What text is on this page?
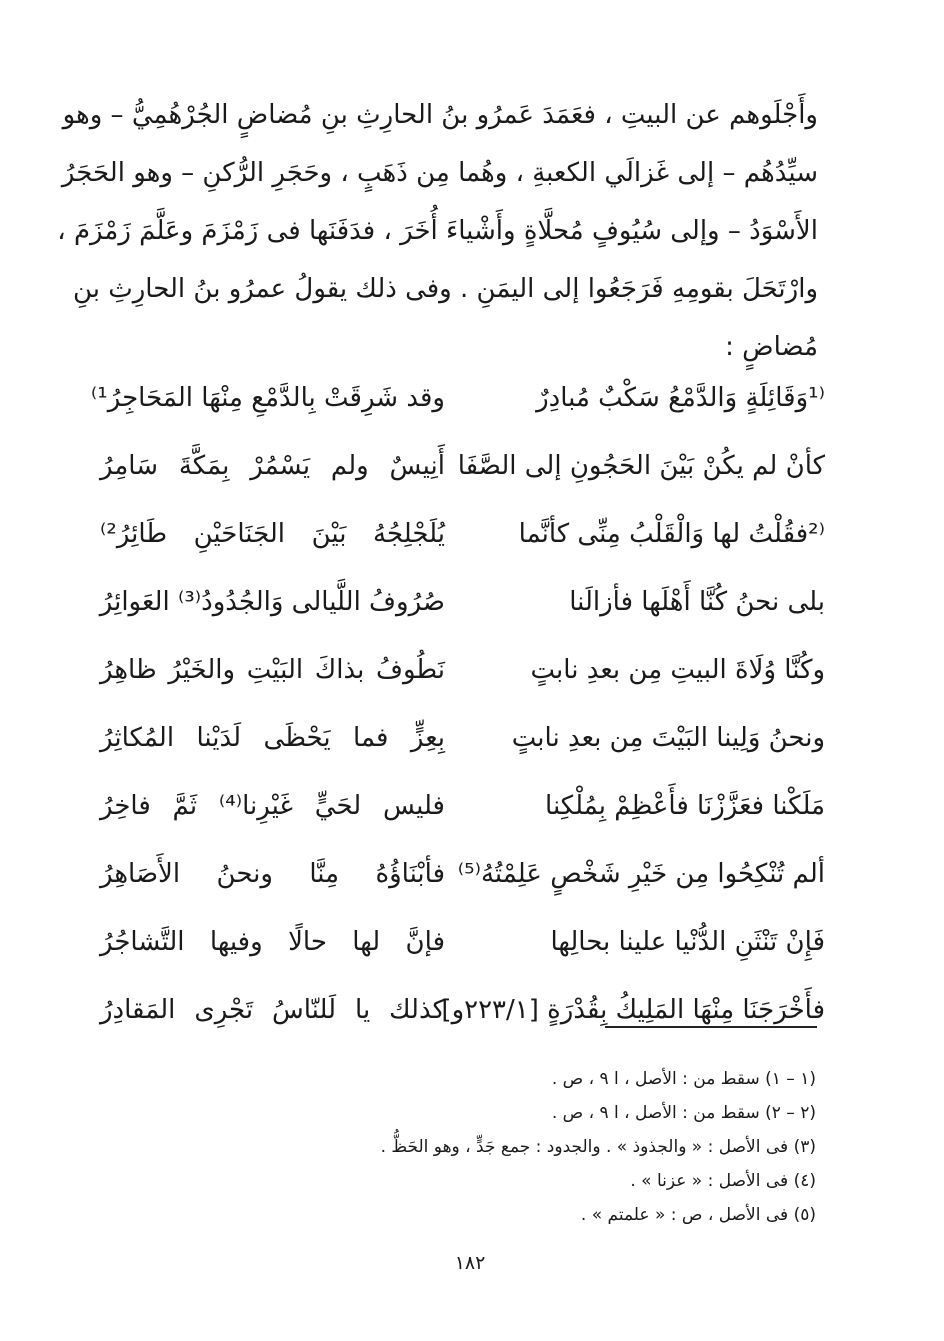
وأَجْلَوهم عن البيتِ ، فعَمَدَ عَمرُو بنُ الحارِثِ بنِ مُضاضٍ الجُرْهُمِيُّ – وهو
سيِّدُهُم – إلى غَزالَي الكعبةِ ، وهُما مِن ذَهَبٍ ، وحَجَرِ الرُّكنِ – وهو الحَجَرُ
الأَسْوَدُ – وإلى سُيُوفٍ مُحلَّاةٍ وأَشْياءَ أُخَرَ ، فدَفَنَها فى زَمْزَمَ وعَلَّمَ زَمْزَمَ ،
وارْتَحَلَ بقومِهِ فَرَجَعُوا إلى اليمَنِ . وفى ذلك يقولُ عمرُو بنُ الحارِثِ بنِ
مُضاضٍ :
⁽¹وَقَائِلَةٍ وَالدَّمْعُ سَكْبٌ مُبادِرٌ
وقد شَرِقَتْ بِالدَّمْعِ مِنْهَا المَحَاجِرُ¹⁾
كأنْ لم يكُنْ بَيْنَ الحَجُونِ إلى الصَّفَا
أَنِيسٌ ولم يَسْمُرْ بِمَكَّةَ سَامِرُ
⁽²فقُلْتُ لها وَالْقَلْبُ مِنِّى كأنَّما
يُلَجْلِجُهُ بَيْنَ الجَنَاحَيْنِ طَائِرُ²⁾
بلى نحنُ كُنَّا أَهْلَها فأزالَنا
صُرُوفُ اللَّيالى وَالجُدُودُ⁽³⁾ العَوائِرُ
وكُنَّا وُلَاةَ البيتِ مِن بعدِ نابتٍ
نَطُوفُ بذاكَ البَيْتِ والخَيْرُ ظاهِرُ
ونحنُ وَلِينا البَيْتَ مِن بعدِ نابتٍ
بِعِزٍّ فما يَحْظَى لَدَيْنا المُكاثِرُ
مَلَكْنا فعَزَّزْنَا فأَعْظِمْ بِمُلْكِنا
فليس لحَيٍّ غَيْرِنا⁽⁴⁾ ثَمَّ فاخِرُ
ألم تُنْكِحُوا مِن خَيْرِ شَخْصٍ عَلِمْتُهُ⁽⁵⁾
فأبْنَاؤُهُ مِنَّا ونحنُ الأَصَاهِرُ
فَإِنْ تَنْثَنِ الدُّنْيا علينا بحالِها
فإنَّ لها حالًا وفيها التَّشاجُرُ
فأَخْرَجَنَا مِنْهَا المَلِيكُ بِقُدْرَةٍ [٢٢٣/١و]
كذلك يا لَلنّاسُ تَجْرِى المَقادِرُ
(١ – ١) سقط من : الأصل ، ا ٩ ، ص .
(٢ – ٢) سقط من : الأصل ، ا ٩ ، ص .
(٣) فى الأصل : « والجذوذ » . والجدود : جمع جَدٍّ ، وهو الحَظُّ .
(٤) فى الأصل : « عزنا » .
(٥) فى الأصل ، ص : « علمتم » .
١٨٢
